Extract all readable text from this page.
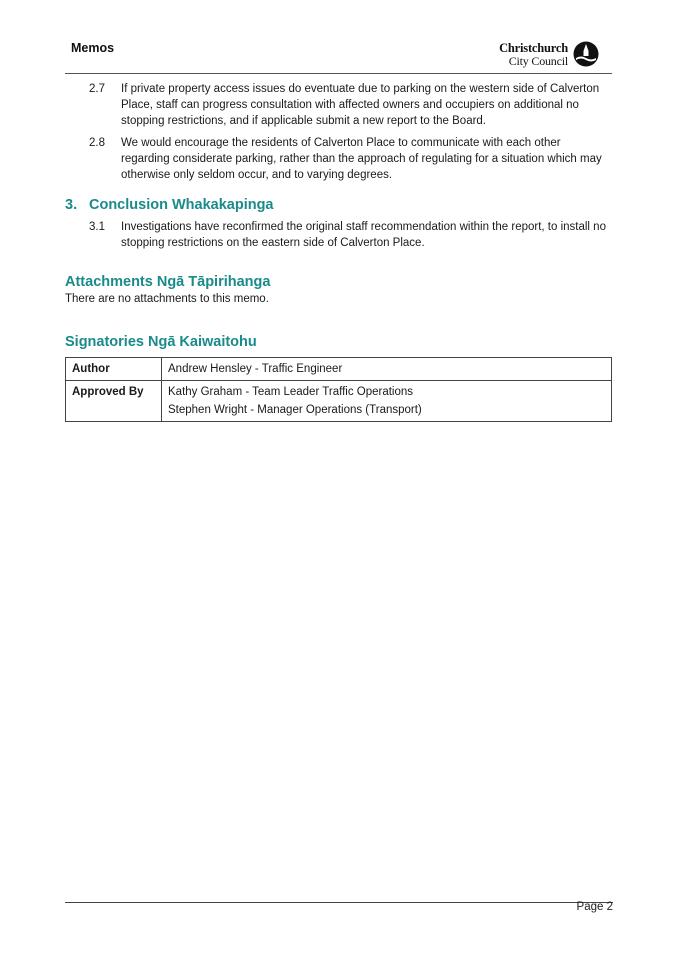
Memos	Christchurch
City Council
2.7 If private property access issues do eventuate due to parking on the western side of Calverton Place, staff can progress consultation with affected owners and occupiers on additional no stopping restrictions, and if applicable submit a new report to the Board.
2.8 We would encourage the residents of Calverton Place to communicate with each other regarding considerate parking, rather than the approach of regulating for a situation which may otherwise only seldom occur, and to varying degrees.
3. Conclusion Whakakapinga
3.1 Investigations have reconfirmed the original staff recommendation within the report, to install no stopping restrictions on the eastern side of Calverton Place.
Attachments Ngā Tāpirihanga
There are no attachments to this memo.
Signatories Ngā Kaiwaitohu
Author	Andrew Hensley - Traffic Engineer
Approved By	Kathy Graham - Team Leader Traffic Operations
Stephen Wright - Manager Operations (Transport)
Page 2
